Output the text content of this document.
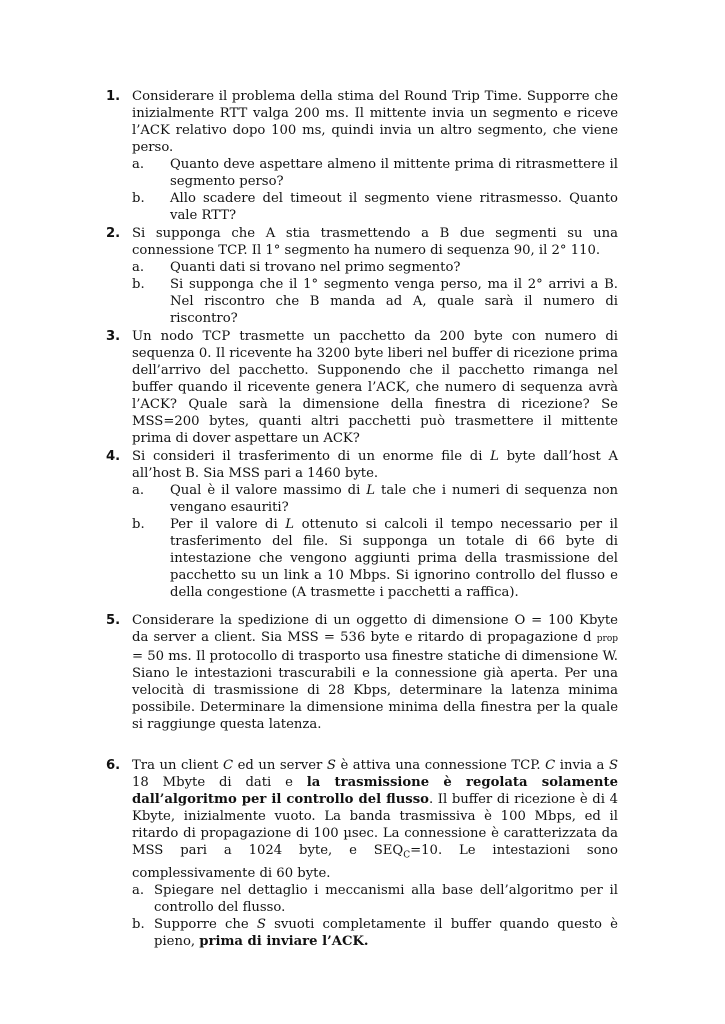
1. Considerare il problema della stima del Round Trip Time. Supporre che inizialmente RTT valga 200 ms. Il mittente invia un segmento e riceve l’ACK relativo dopo 100 ms, quindi invia un altro segmento, che viene perso.
a. Quanto deve aspettare almeno il mittente prima di ritrasmettere il segmento perso?
b. Allo scadere del timeout il segmento viene ritrasmesso. Quanto vale RTT?
2. Si supponga che A stia trasmettendo a B due segmenti su una connessione TCP. Il 1° segmento ha numero di sequenza 90, il 2° 110.
a. Quanti dati si trovano nel primo segmento?
b. Si supponga che il 1° segmento venga perso, ma il 2° arrivi a B. Nel riscontro che B manda ad A, quale sarà il numero di riscontro?
3. Un nodo TCP trasmette un pacchetto da 200 byte con numero di sequenza 0. Il ricevente ha 3200 byte liberi nel buffer di ricezione prima dell’arrivo del pacchetto. Supponendo che il pacchetto rimanga nel buffer quando il ricevente genera l’ACK, che numero di sequenza avrà l’ACK? Quale sarà la dimensione della finestra di ricezione? Se MSS=200 bytes, quanti altri pacchetti può trasmettere il mittente prima di dover aspettare un ACK?
4. Si consideri il trasferimento di un enorme file di L byte dall’host A all’host B. Sia MSS pari a 1460 byte.
a. Qual è il valore massimo di L tale che i numeri di sequenza non vengano esauriti?
b. Per il valore di L ottenuto si calcoli il tempo necessario per il trasferimento del file. Si supponga un totale di 66 byte di intestazione che vengono aggiunti prima della trasmissione del pacchetto su un link a 10 Mbps. Si ignorino controllo del flusso e della congestione (A trasmette i pacchetti a raffica).
5. Considerare la spedizione di un oggetto di dimensione O = 100 Kbyte da server a client. Sia MSS = 536 byte e ritardo di propagazione d prop = 50 ms. Il protocollo di trasporto usa finestre statiche di dimensione W. Siano le intestazioni trascurabili e la connessione già aperta. Per una velocità di trasmissione di 28 Kbps, determinare la latenza minima possibile. Determinare la dimensione minima della finestra per la quale si raggiunge questa latenza.
6. Tra un client C ed un server S è attiva una connessione TCP. C invia a S 18 Mbyte di dati e la trasmissione è regolata solamente dall’algoritmo per il controllo del flusso. Il buffer di ricezione è di 4 Kbyte, inizialmente vuoto. La banda trasmissiva è 100 Mbps, ed il ritardo di propagazione di 100 µsec. La connessione è caratterizzata da MSS pari a 1024 byte, e $SEQ_C=10$. Le intestazioni sono complessivamente di 60 byte.
a. Spiegare nel dettaglio i meccanismi alla base dell’algoritmo per il controllo del flusso.
b. Supporre che S svuoti completamente il buffer quando questo è pieno, prima di inviare l’ACK.
